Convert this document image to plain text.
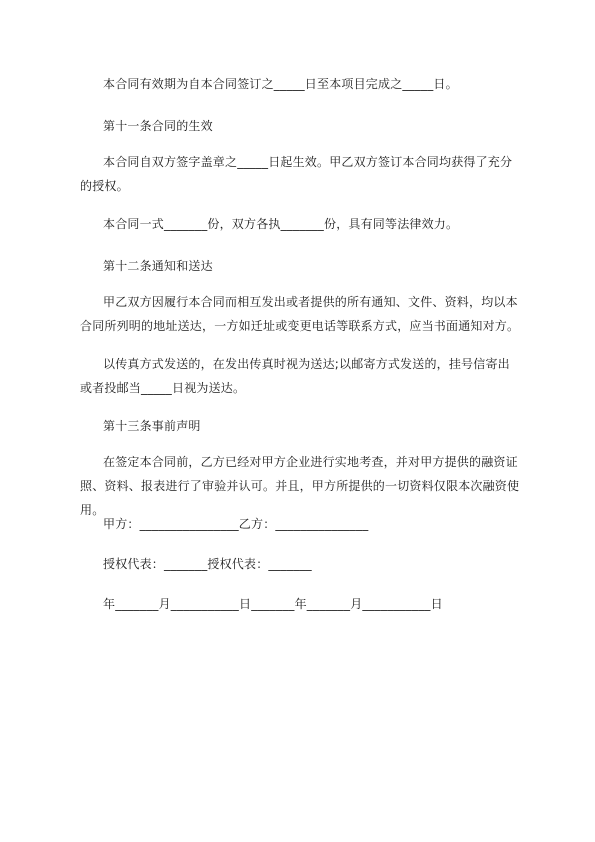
本合同有效期为自本合同签订之_____日至本项目完成之_____日。
第十一条合同的生效
本合同自双方签字盖章之_____日起生效。甲乙双方签订本合同均获得了充分的授权。
本合同一式_______份，双方各执_______份，具有同等法律效力。
第十二条通知和送达
甲乙双方因履行本合同而相互发出或者提供的所有通知、文件、资料，均以本合同所列明的地址送达，一方如迁址或变更电话等联系方式，应当书面通知对方。
以传真方式发送的，在发出传真时视为送达;以邮寄方式发送的，挂号信寄出或者投邮当_____日视为送达。
第十三条事前声明
在签定本合同前，乙方已经对甲方企业进行实地考查，并对甲方提供的融资证照、资料、报表进行了审验并认可。并且，甲方所提供的一切资料仅限本次融资使用。
甲方：________________乙方：_______________
授权代表：_______授权代表：_______
年_______月___________日_______年_______月___________日
